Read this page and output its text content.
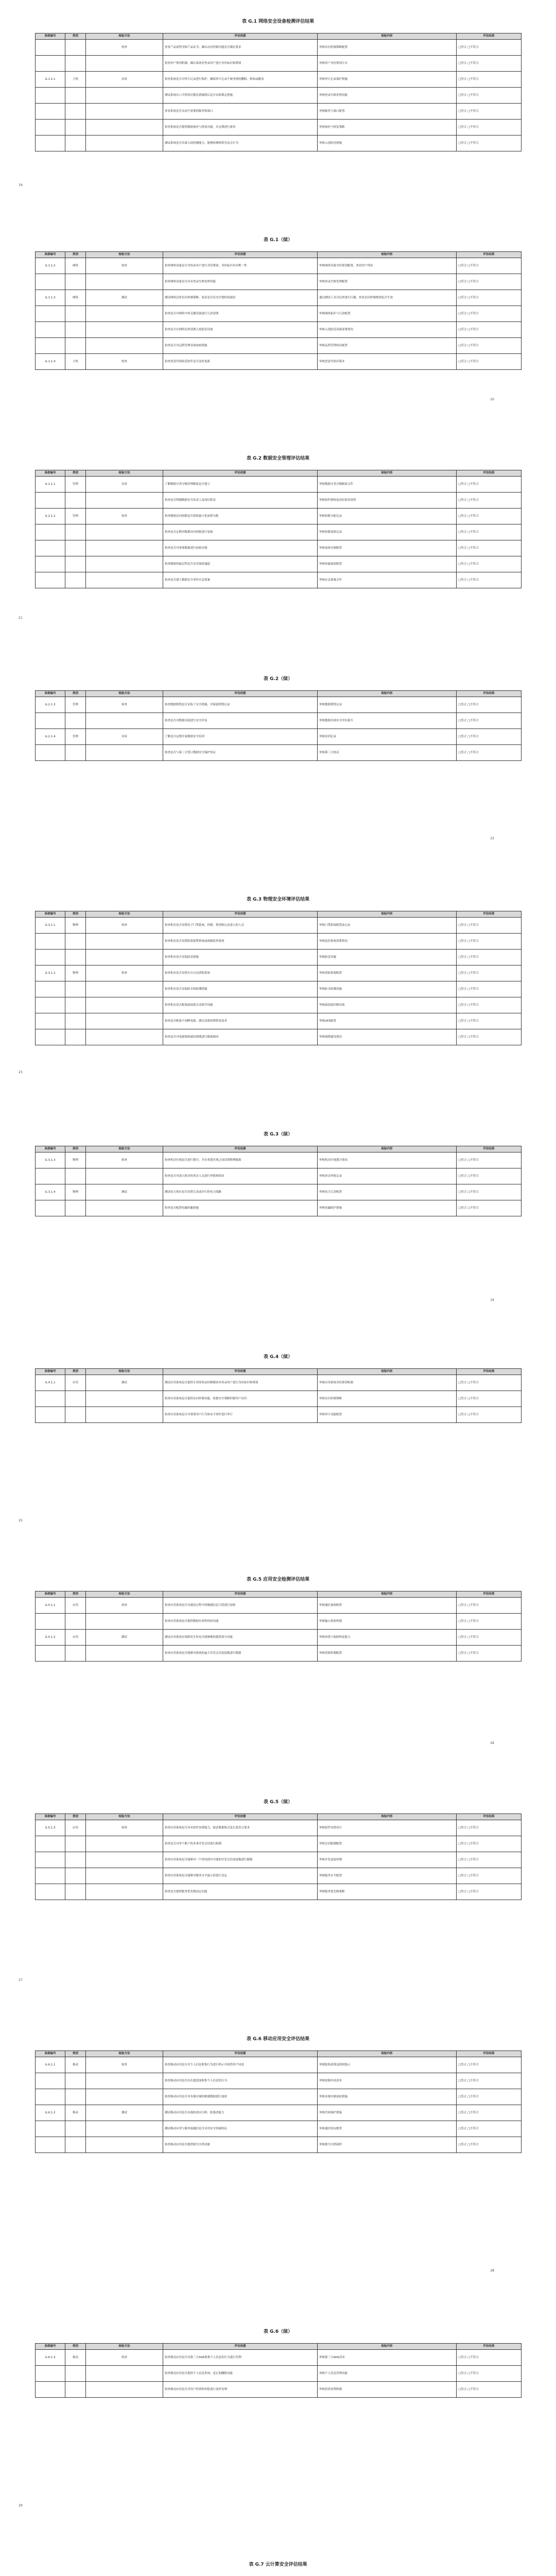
表 G.1 网络安全设备检测评估结果
条款编号	类别	检验方法	评估依据	检验内容	评估结果
		检查	查看产品说明书和产品证书，确认访问控制功能是否满足要求	审核访问控制策略配置	□符合 □不符合
			检查用户鉴别机制，确认系统对登录用户进行身份标识和鉴别	审核用户身份鉴别方式	□符合 □不符合
G.1.1.1	主机	访谈	检查系统是否对审计记录进行保护，确保审计记录不被非授权删除、修改或覆盖	审核审计记录保护措施	□符合 □不符合
			测试系统在口令错误次数达到阈值后是否采取锁定措施	审核登录失败处理功能	□符合 □不符合
			查看系统是否关闭不需要的服务和端口	审核服务与端口配置	□符合 □不符合
			检查系统是否提供数据备份与恢复功能，并定期进行备份	审核备份与恢复策略	□符合 □不符合
			测试系统是否具备入侵检测能力，能够检测到常见攻击行为	审核入侵防范措施	□符合 □不符合
表 G.1（续）
条款编号	类别	检验方法	评估依据	检验内容	评估结果
G.1.1.2	网络	检查	检查网络设备是否对登录用户进行身份鉴别，身份标识具有唯一性	审核网络设备身份鉴别配置，查看用户列表	□符合 □不符合
			检查网络设备是否具有登录失败处理功能	审核登录失败处理配置	□符合 □不符合
G.1.1.3	网络	测试	测试网络边界访问控制策略，验证是否仅允许授权的通信	通过测试工具对边界进行扫描，查看访问控制规则是否生效	□符合 □不符合
			检查是否对网络中的关键设备进行冗余部署	审核网络拓扑与冗余配置	□符合 □不符合
			检查是否在网络边界部署入侵防范设备	审核入侵防范设备部署情况	□符合 □不符合
			检查是否对远程管理采取加密措施	审核远程管理协议配置	□符合 □不符合
G.1.1.4	主机	检查	检查恶意代码防范软件是否及时更新	审核恶意代码库版本	□符合 □不符合
表 G.2 数据安全管理评估结果
条款编号	类别	检验方法	评估依据	检验内容	评估结果
G.2.1.1	管理	访谈	了解数据分类分级管理制度是否建立	审核数据分类分级制度文件	□符合 □不符合
			检查是否明确数据安全负责人及岗位职责	审核组织架构及岗位职责说明	□符合 □不符合
G.2.1.2	管理	检查	检查数据访问权限是否按照最小化原则分配	审核权限分配记录	□符合 □不符合
			检查是否定期对数据访问权限进行复核	审核权限复核记录	□符合 □不符合
			检查是否对重要数据进行加密存储	审核加密存储配置	□符合 □不符合
			检查数据传输过程是否采用加密通道	审核传输加密配置	□符合 □不符合
			检查是否建立数据安全事件应急预案	审核应急预案文件	□符合 □不符合
表 G.2（续）
条款编号	类别	检验方法	评估依据	检验内容	评估结果
G.2.1.3	管理	检查	检查数据销毁是否采取了安全措施，并保留销毁记录	审核数据销毁记录	□符合 □不符合
			检查是否对数据出境进行安全评估	审核数据出境安全评估报告	□符合 □不符合
G.2.1.4	管理	访谈	了解是否定期开展数据安全培训	审核培训记录	□符合 □不符合
			检查是否与第三方签订数据安全保护协议	审核第三方协议	□符合 □不符合
表 G.3 物理安全环境评估结果
条款编号	类别	检验方法	评估依据	检验内容	评估结果
G.3.1.1	物理	检查	检查机房是否设置电子门禁系统，控制、鉴别和记录进入的人员	审核门禁系统配置及记录	□符合 □不符合
			检查机房是否设置防盗报警系统或视频监控系统	审核监控系统部署情况	□符合 □不符合
			检查机房是否采取防雷措施	审核防雷设施	□符合 □不符合
G.3.1.2	物理	检查	检查机房是否设置火灾自动消防系统	审核消防系统配置	□符合 □不符合
			检查机房是否采取防水和防潮措施	审核防水防潮设施	□符合 □不符合
			检查机房是否配备温湿度自动调节设施	审核温湿度控制设备	□符合 □不符合
			检查是否配备不间断电源，满足设备短期供电需求	审核UPS配置	□符合 □不符合
			检查是否对电源线和通信线缆进行隔离铺设	审核线缆铺设情况	□符合 □不符合
表 G.3（续）
条款编号	类别	检验方法	评估依据	检验内容	评估结果
G.3.1.3	物理	检查	检查机房区域是否进行划分，并在重要区域之间设置物理隔离	审核机房区域划分情况	□符合 □不符合
			检查是否对进入机房的来访人员进行审批和陪同	审核来访审批记录	□符合 □不符合
G.3.1.4	物理	测试	测试电力供应是否设置冗余或并行的电力线路	审核电力冗余配置	□符合 □不符合
			检查是否配置电磁屏蔽措施	审核电磁防护措施	□符合 □不符合
表 G.4（续）
条款编号	类别	检验方法	评估依据	检验内容	评估结果
G.4.1.1	应用	测试	测试应用系统是否提供专用的登录控制模块对登录用户进行身份标识和鉴别	审核应用系统身份鉴别机制	□符合 □不符合
			检查应用系统是否提供访问控制功能，依据安全策略控制用户访问	审核访问控制策略	□符合 □不符合
			检查应用系统是否对重要用户行为和安全事件进行审计	审核审计功能配置	□符合 □不符合
表 G.5 应用安全检测评估结果
条款编号	类别	检验方法	评估依据	检验内容	评估结果
G.5.1.1	应用	检查	检查应用系统是否对通信过程中的敏感信息字段进行加密	审核通信加密配置	□符合 □不符合
			检查应用系统是否提供数据有效性检验功能	审核输入校验机制	□符合 □不符合
G.5.1.2	应用	测试	测试应用系统在故障发生时是否能够继续提供部分功能	审核容错与故障恢复能力	□符合 □不符合
			检查应用系统是否能够对系统的最大并发会话连接数进行限制	审核资源控制配置	□符合 □不符合
表 G.5（续）
条款编号	类别	检验方法	评估依据	检验内容	评估结果
G.5.1.3	应用	检查	检查应用系统是否具有软件容错能力，保证数据格式及长度符合要求	审核软件容错设计	□符合 □不符合
			检查是否对单个账户的多重并发会话进行限制	审核会话限制配置	□符合 □不符合
			检查应用系统是否能够对一个时间段内可能的并发会话连接数进行限制	审核并发连接控制	□符合 □不符合
			检查应用系统是否能够对服务水平最小值进行设定	审核服务水平配置	□符合 □不符合
			检查是否提供服务优先级设定功能	审核服务优先级策略	□符合 □不符合
表 G.6 移动应用安全评估结果
条款编号	类别	检验方法	评估依据	检验内容	评估结果
G.6.1.1	移动	检查	检查移动应用是否对个人信息收集行为进行明示并获得用户同意	审核隐私政策及授权提示	□符合 □不符合
			检查移动应用是否存在超范围收集个人信息的行为	审核权限申请清单	□符合 □不符合
			检查移动应用是否对本地存储的敏感数据进行加密	审核本地存储加密措施	□符合 □不符合
G.6.1.2	移动	测试	测试移动应用是否具备防逆向分析、防篡改能力	审核代码保护措施	□符合 □不符合
			测试移动应用与服务端通信是否采用安全传输协议	审核通信协议配置	□符合 □不符合
			检查移动应用是否提供账号注销功能	审核账号注销流程	□符合 □不符合
表 G.6（续）
条款编号	类别	检验方法	评估依据	检验内容	评估结果
G.6.1.3	移动	检查	检查移动应用是否对第三方SDK收集个人信息的行为进行管理	审核第三方SDK清单	□符合 □不符合
			检查移动应用是否提供个人信息查询、更正和删除功能	审核个人信息管理功能	□符合 □不符合
			检查移动应用是否对用户投诉和举报进行及时处理	审核投诉处理机制	□符合 □不符合
表 G.7 云计算安全评估结果

19
20
21
22
23
24
25
26
27
28
29
